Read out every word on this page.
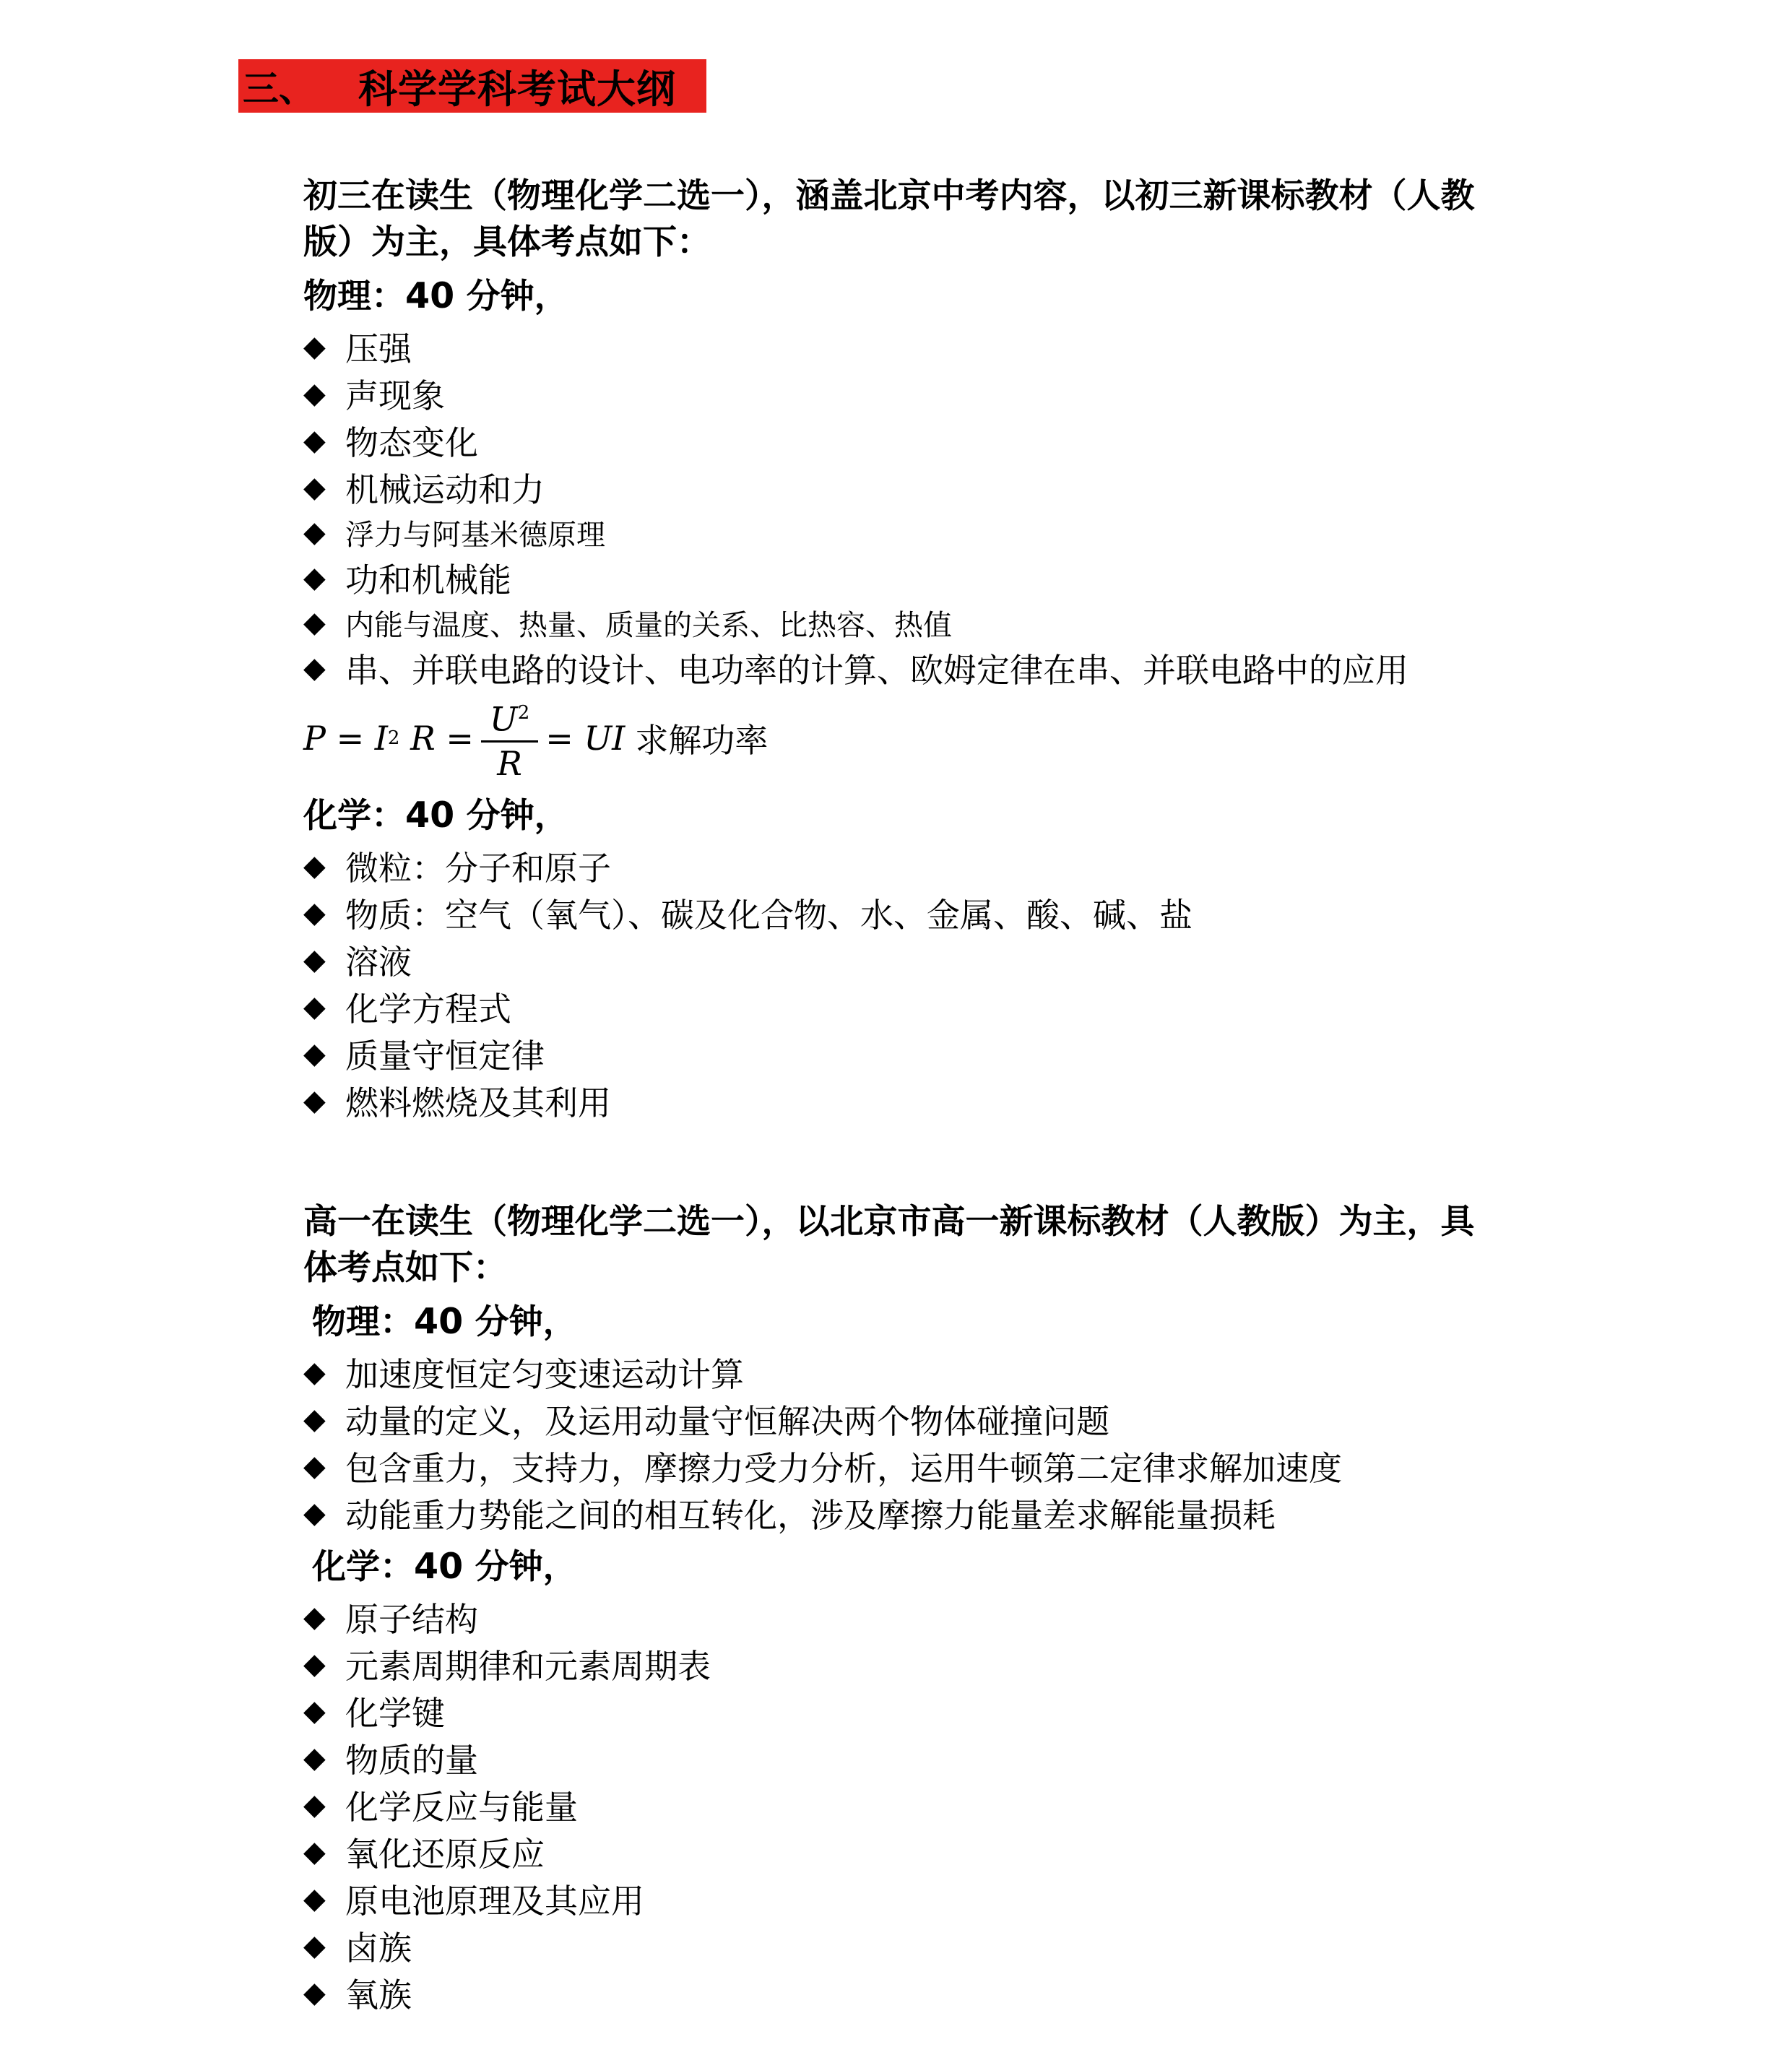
三、	科学学科考试大纲

初三在读生（物理化学二选一），涵盖北京中考内容，以初三新课标教材（人教

版）为主，具体考点如下：

物理：40 分钟，
◆ 压强
◆ 声现象
◆ 物态变化
◆ 机械运动和力
◆ 浮力与阿基米德原理
◆ 功和机械能
◆ 内能与温度、热量、质量的关系、比热容、热值
◆ 串、并联电路的设计、电功率的计算、欧姆定律在串、并联电路中的应用
P = I 2
$R = \frac{U^2}{R}$ = UI 求解功率
化学：40 分钟，
◆ 微粒：分子和原子
◆ 物质：空气（氧气）、碳及化合物、水、金属、酸、碱、盐
◆ 溶液
◆ 化学方程式
◆ 质量守恒定律
◆ 燃料燃烧及其利用

高一在读生（物理化学二选一），以北京市高一新课标教材（人教版）为主，具

体考点如下：

物理：40 分钟，
◆ 加速度恒定匀变速运动计算
◆ 动量的定义，及运用动量守恒解决两个物体碰撞问题
◆ 包含重力，支持力，摩擦力受力分析，运用牛顿第二定律求解加速度
◆ 动能重力势能之间的相互转化，涉及摩擦力能量差求解能量损耗
化学：40 分钟，
◆ 原子结构
◆ 元素周期律和元素周期表
◆ 化学键
◆ 物质的量
◆ 化学反应与能量
◆ 氧化还原反应
◆ 原电池原理及其应用
◆ 卤族
◆ 氧族
